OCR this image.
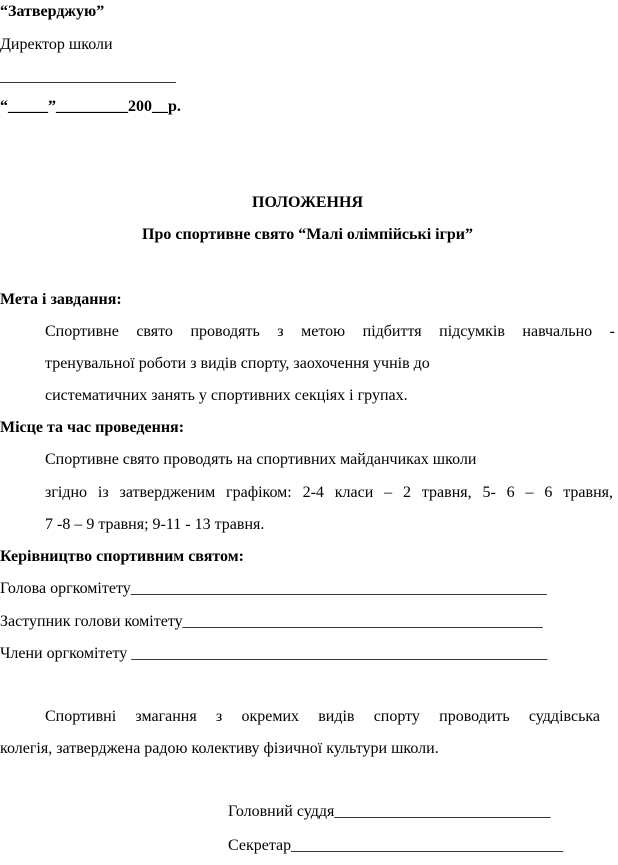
“Затверджую”
Директор школи
______________________
“_____”_________200__р.
ПОЛОЖЕННЯ
Про спортивне свято “Малі олімпійські ігри”
Мета і завдання:
Спортивне свято проводять з метою підбиття підсумків навчально -
тренувальної роботи з видів спорту, заохочення учнів до
систематичних занять у спортивних секціях і групах.
Місце та час проведення:
Спортивне свято проводять на спортивних майданчиках школи
згідно із затвердженим графіком: 2-4 класи – 2 травня, 5- 6 – 6 травня,
7 -8 – 9 травня; 9-11 - 13 травня.
Керівництво спортивним святом:
Голова оргкомітету____________________________________________________
Заступник голови комітету_____________________________________________
Члени оргкомітету ____________________________________________________
Спортивні змагання з окремих видів спорту проводить суддівська
колегія, затверджена радою колективу фізичної культури школи.
Головний суддя___________________________
Секретар__________________________________
